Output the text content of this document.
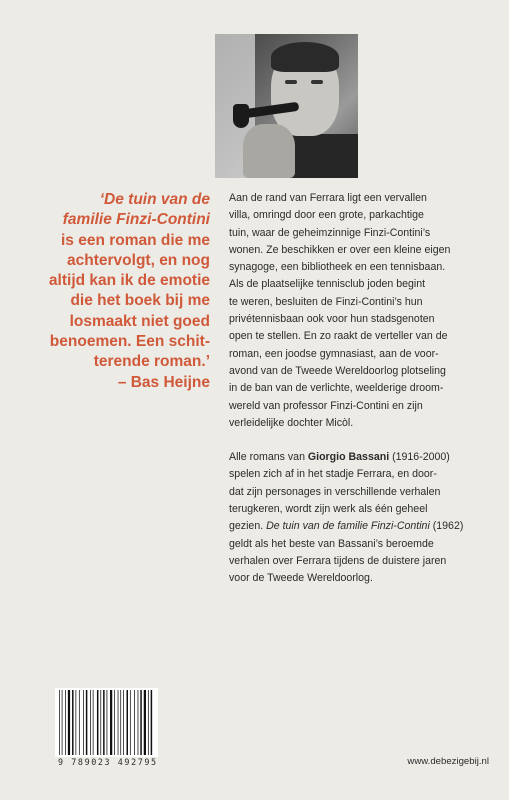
‘De tuin van de
familie Finzi-Contini
is een roman die me
achtervolgt, en nog
altijd kan ik de emotie
die het boek bij me
losmaakt niet goed
benoemen. Een schit-
terende roman.’
– Bas Heijne
Aan de rand van Ferrara ligt een vervallen
villa, omringd door een grote, parkachtige
tuin, waar de geheimzinnige Finzi-Contini’s
wonen. Ze beschikken er over een kleine eigen
synagoge, een bibliotheek en een tennisbaan.
Als de plaatselijke tennisclub joden begint
te weren, besluiten de Finzi-Contini’s hun
privétennisbaan ook voor hun stadsgenoten
open te stellen. En zo raakt de verteller van de
roman, een joodse gymnasiast, aan de voor-
avond van de Tweede Wereldoorlog plotseling
in de ban van de verlichte, weelderige droom-
wereld van professor Finzi-Contini en zijn
verleidelijke dochter Micòl.
Alle romans van Giorgio Bassani (1916-2000)
spelen zich af in het stadje Ferrara, en door-
dat zijn personages in verschillende verhalen
terugkeren, wordt zijn werk als één geheel
gezien. De tuin van de familie Finzi-Contini (1962)
geldt als het beste van Bassani’s beroemde
verhalen over Ferrara tijdens de duistere jaren
voor de Tweede Wereldoorlog.
9 789023 492795	www.debezigebij.nl
